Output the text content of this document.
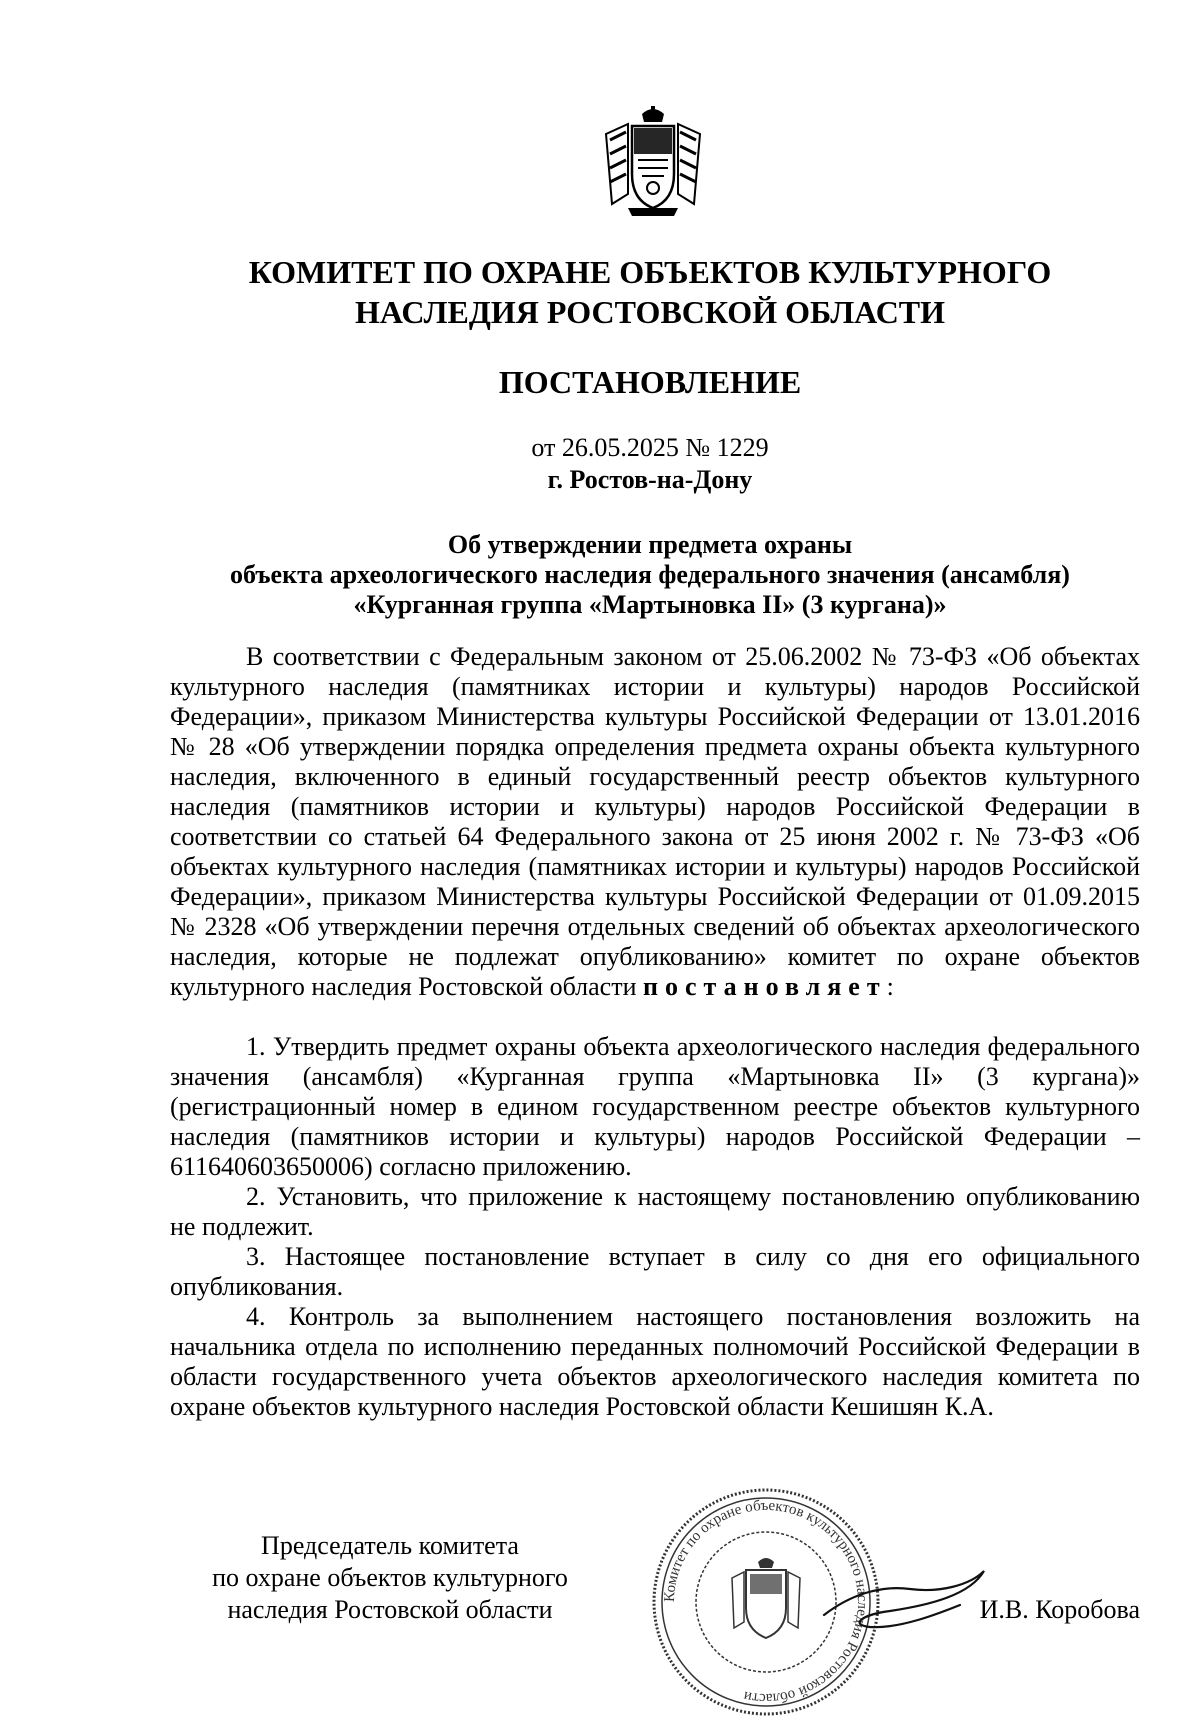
КОМИТЕТ ПО ОХРАНЕ ОБЪЕКТОВ КУЛЬТУРНОГО
НАСЛЕДИЯ РОСТОВСКОЙ ОБЛАСТИ
ПОСТАНОВЛЕНИЕ
от 26.05.2025 № 1229
г. Ростов-на-Дону
Об утверждении предмета охраны
объекта археологического наследия федерального значения (ансамбля)
«Курганная группа «Мартыновка II» (3 кургана)»

В соответствии с Федеральным законом от 25.06.2002 № 73-ФЗ «Об объектах культурного наследия (памятниках истории и культуры) народов Российской Федерации», приказом Министерства культуры Российской Федерации от 13.01.2016 № 28 «Об утверждении порядка определения предмета охраны объекта культурного наследия, включенного в единый государственный реестр объектов культурного наследия (памятников истории и культуры) народов Российской Федерации в соответствии со статьей 64 Федерального закона от 25 июня 2002 г. № 73-ФЗ «Об объектах культурного наследия (памятниках истории и культуры) народов Российской Федерации», приказом Министерства культуры Российской Федерации от 01.09.2015 № 2328 «Об утверждении перечня отдельных сведений об объектах археологического наследия, которые не подлежат опубликованию» комитет по охране объектов культурного наследия Ростовской области постановляет:

1. Утвердить предмет охраны объекта археологического наследия федерального значения (ансамбля) «Курганная группа «Мартыновка II» (3 кургана)» (регистрационный номер в едином государственном реестре объектов культурного наследия (памятников истории и культуры) народов Российской Федерации – 611640603650006) согласно приложению.

2. Установить, что приложение к настоящему постановлению опубликованию не подлежит.

3. Настоящее постановление вступает в силу со дня его официального опубликования.

4. Контроль за выполнением настоящего постановления возложить на начальника отдела по исполнению переданных полномочий Российской Федерации в области государственного учета объектов археологического наследия комитета по охране объектов культурного наследия Ростовской области Кешишян К.А.

Председатель комитета
по охране объектов культурного
наследия Ростовской области	Комитет по охране объектов культурного наследия Ростовской области
И.В. Коробова
